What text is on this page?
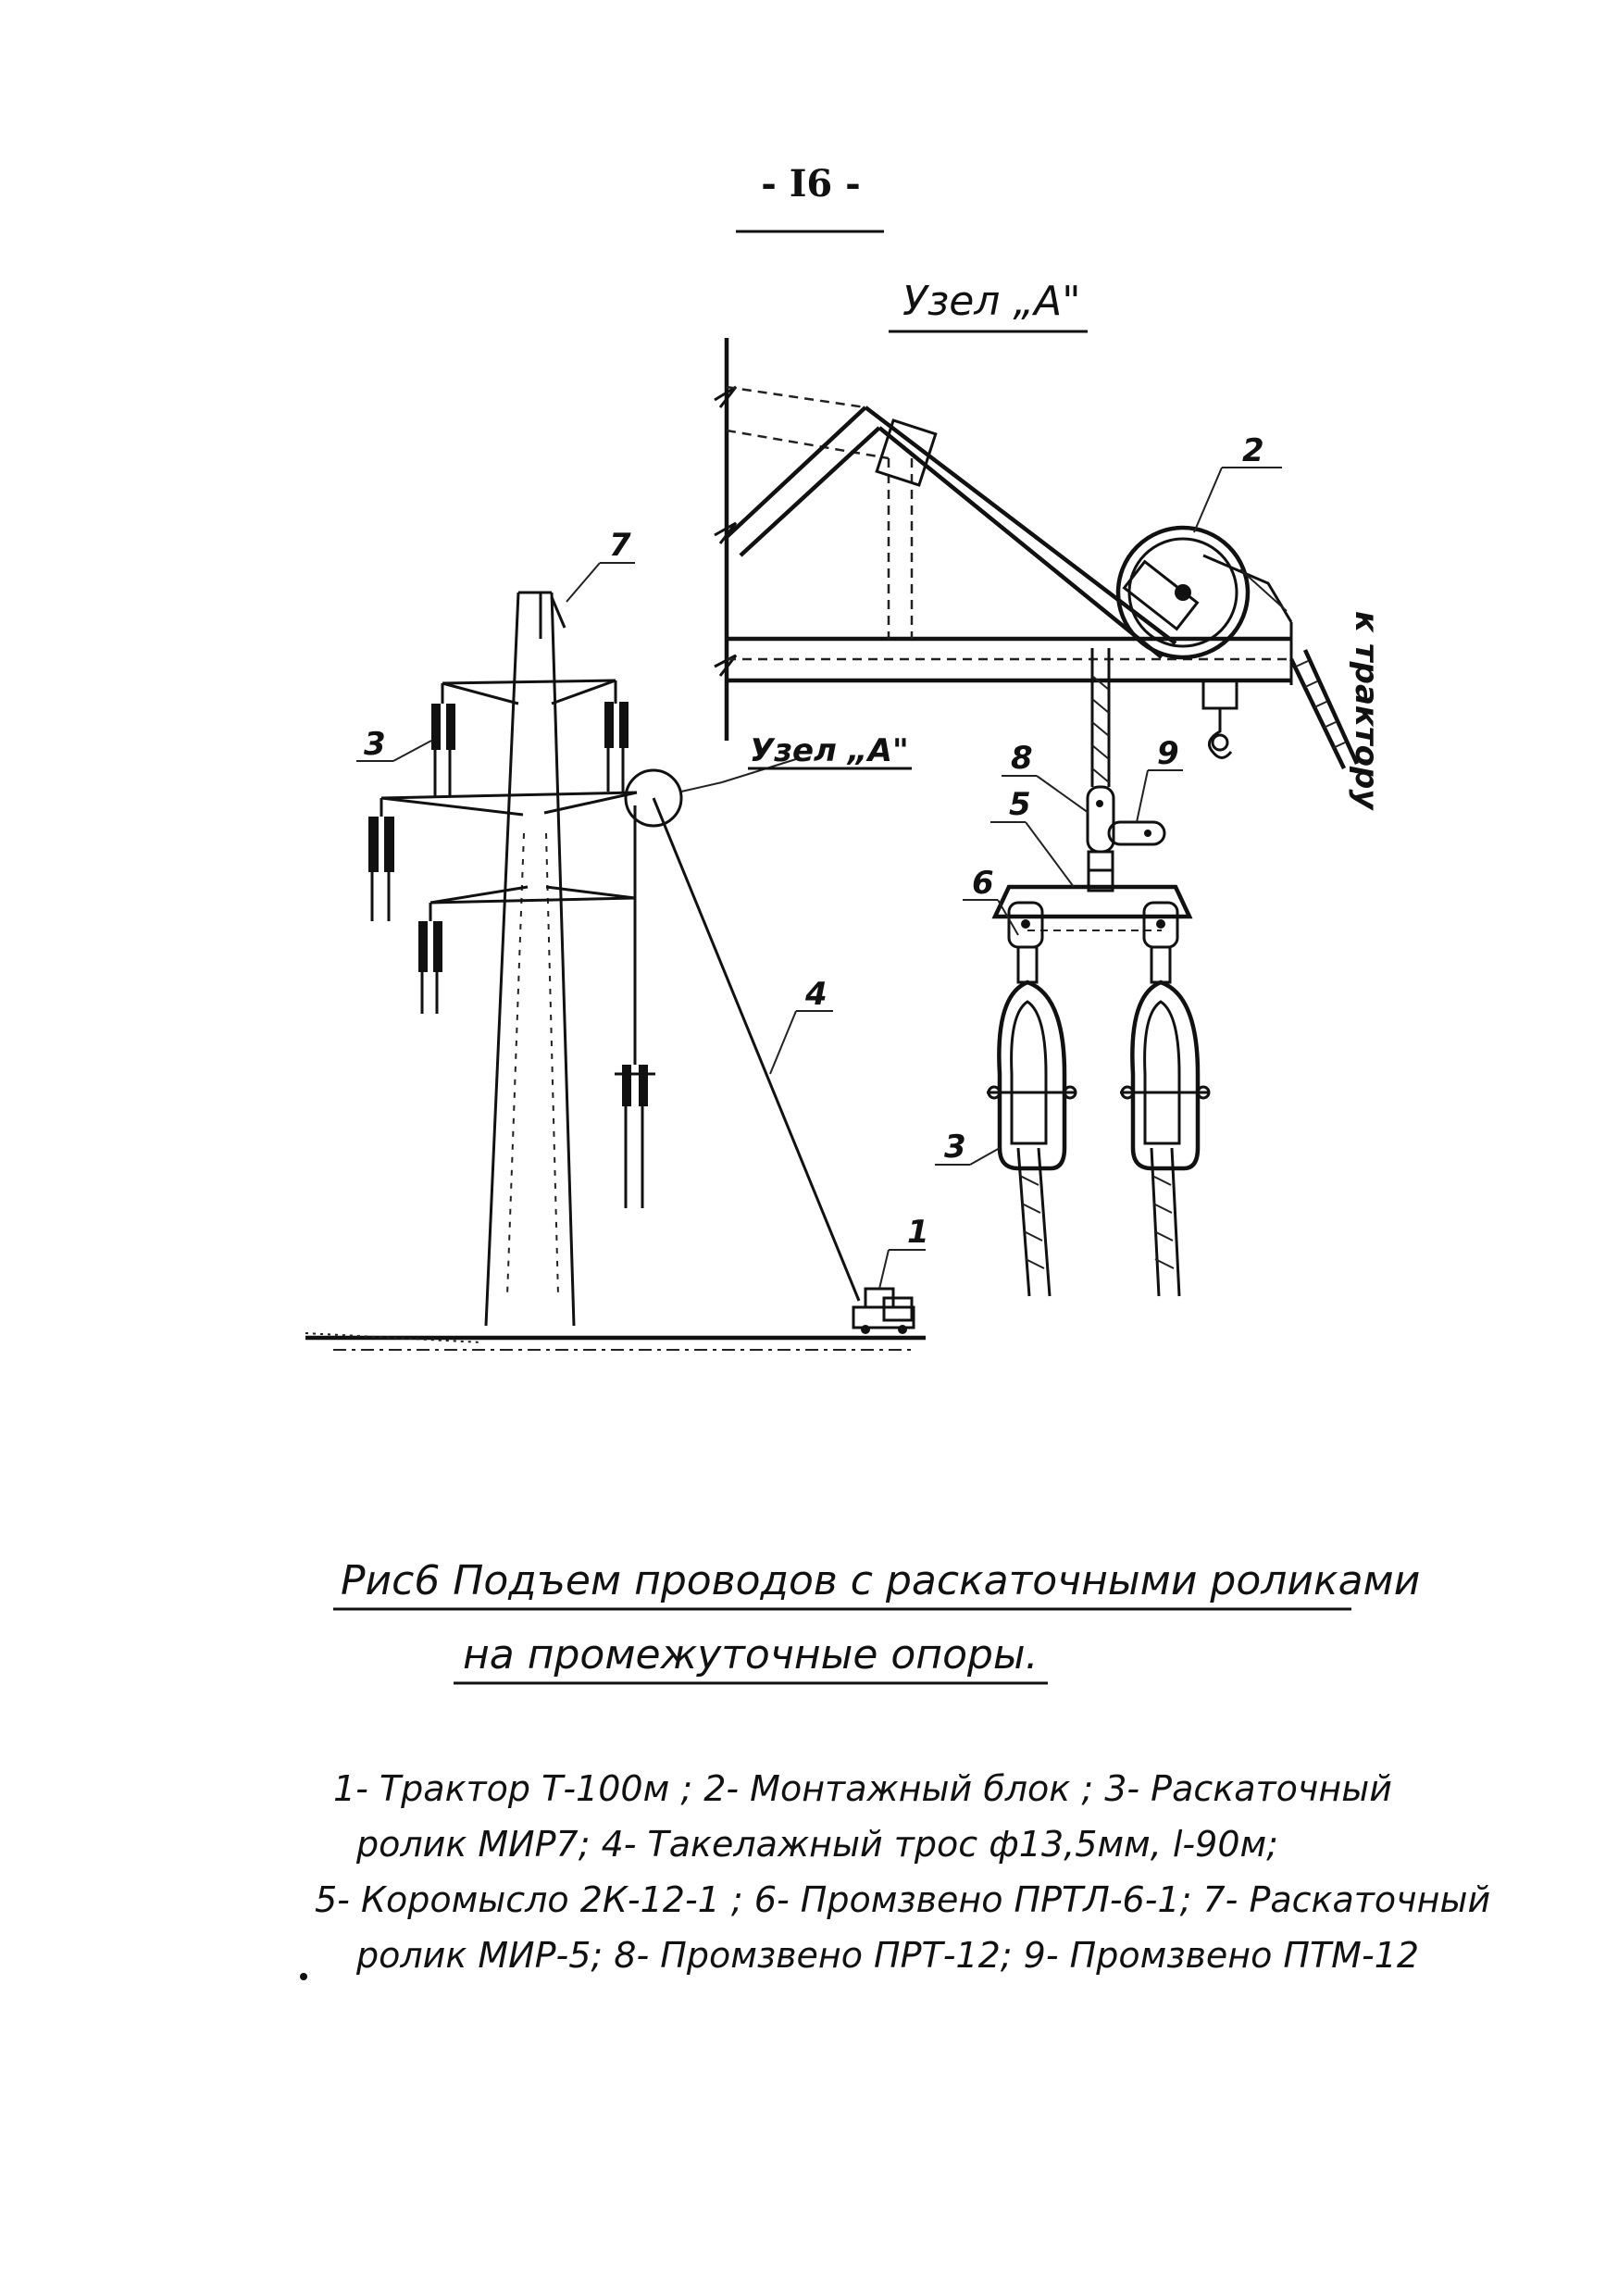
- I6 -
Узел „А"
Узел „А"	к трактору
1
2
3
3
4
5
6
7
8	9
Рис6 Подъем проводов с раскаточными роликами
на промежуточные опоры.
1- Трактор Т-100м ; 2- Монтажный блок ; 3- Раскаточный
ролик МИР7; 4- Такелажный трос ф13,5мм, l-90м;
5- Коромысло 2К-12-1 ; 6- Промзвено ПРТЛ-6-1; 7- Раскаточный
ролик МИР-5; 8- Промзвено ПРТ-12; 9- Промзвено ПТМ-12
